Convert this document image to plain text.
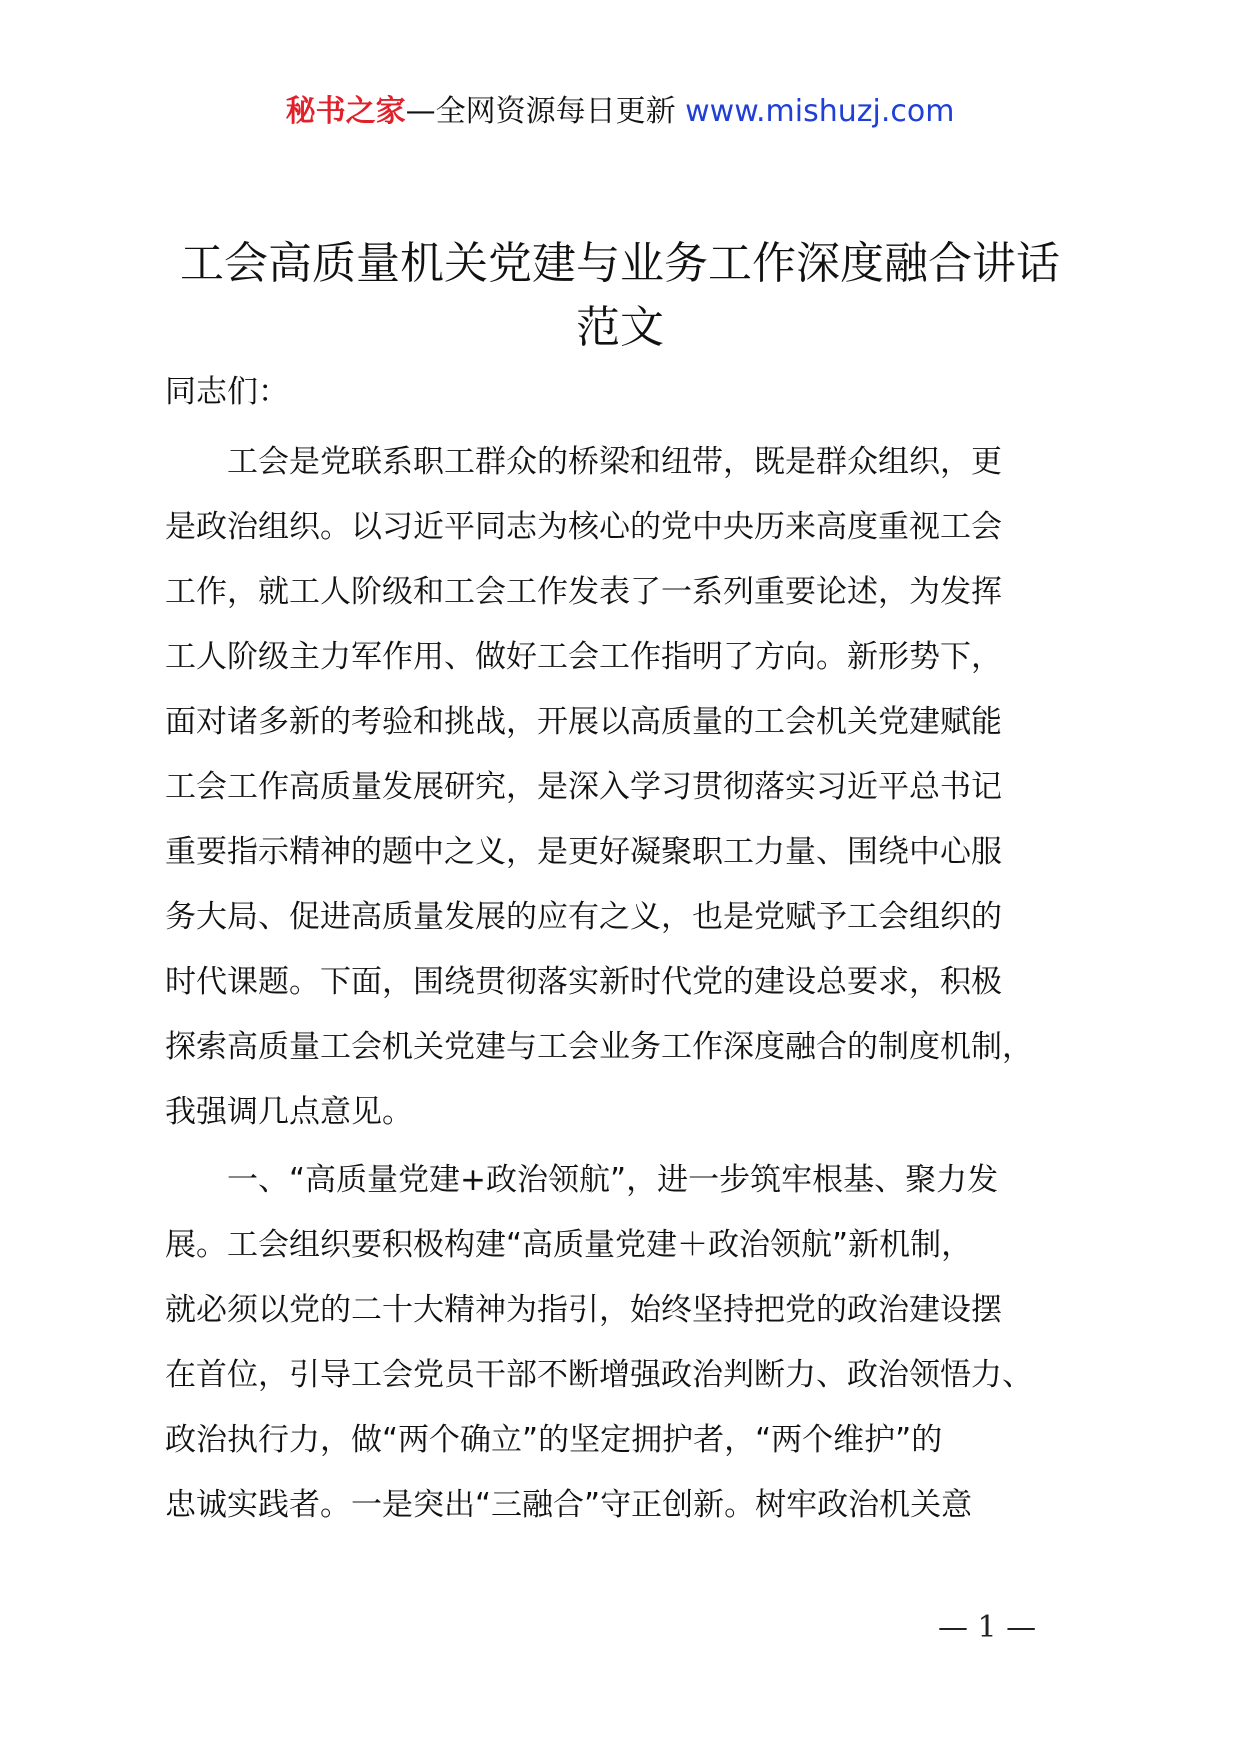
秘书之家—全网资源每日更新 www.mishuzj.com
工会高质量机关党建与业务工作深度融合讲话
范文
同志们：
工会是党联系职工群众的桥梁和纽带，既是群众组织，更
是政治组织。以习近平同志为核心的党中央历来高度重视工会
工作，就工人阶级和工会工作发表了一系列重要论述，为发挥
工人阶级主力军作用、做好工会工作指明了方向。新形势下，
面对诸多新的考验和挑战，开展以高质量的工会机关党建赋能
工会工作高质量发展研究，是深入学习贯彻落实习近平总书记
重要指示精神的题中之义，是更好凝聚职工力量、围绕中心服
务大局、促进高质量发展的应有之义，也是党赋予工会组织的
时代课题。下面，围绕贯彻落实新时代党的建设总要求，积极
探索高质量工会机关党建与工会业务工作深度融合的制度机制，
我强调几点意见。
一、“高质量党建+政治领航”，进一步筑牢根基、聚力发
展。工会组织要积极构建“高质量党建＋政治领航”新机制，
就必须以党的二十大精神为指引，始终坚持把党的政治建设摆
在首位，引导工会党员干部不断增强政治判断力、政治领悟力、
政治执行力，做“两个确立”的坚定拥护者，“两个维护”的
忠诚实践者。一是突出“三融合”守正创新。树牢政治机关意
— 1 —
